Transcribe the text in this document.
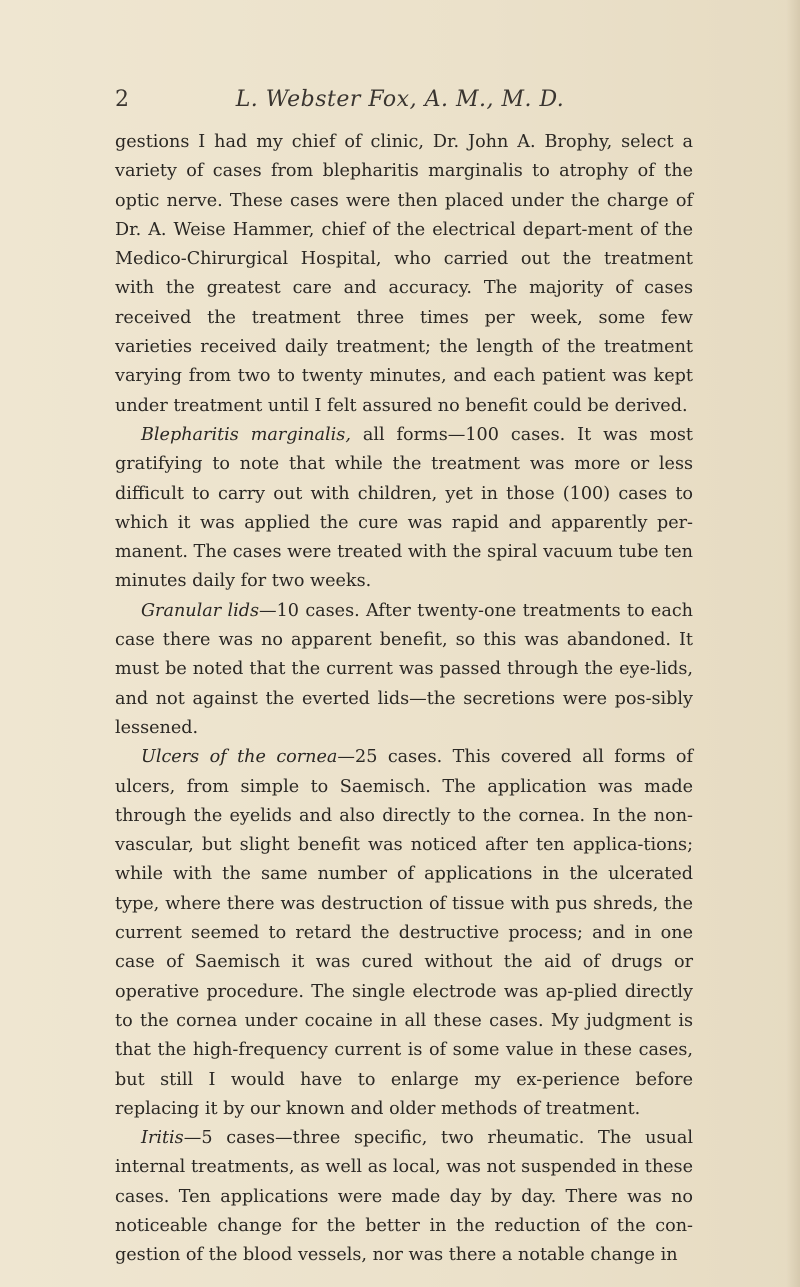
2	L. Webster Fox, A. M., M. D.

gestions I had my chief of clinic, Dr. John A. Brophy, select a variety of cases from blepharitis marginalis to atrophy of the optic nerve. These cases were then placed under the charge of Dr. A. Weise Hammer, chief of the electrical depart-ment of the Medico-Chirurgical Hospital, who carried out the treatment with the greatest care and accuracy. The majority of cases received the treatment three times per week, some few varieties received daily treatment; the length of the treatment varying from two to twenty minutes, and each patient was kept under treatment until I felt assured no benefit could be derived.

Blepharitis marginalis, all forms—100 cases. It was most gratifying to note that while the treatment was more or less difficult to carry out with children, yet in those (100) cases to which it was applied the cure was rapid and apparently per-manent. The cases were treated with the spiral vacuum tube ten minutes daily for two weeks.

Granular lids—10 cases. After twenty-one treatments to each case there was no apparent benefit, so this was abandoned. It must be noted that the current was passed through the eye-lids, and not against the everted lids—the secretions were pos-sibly lessened.

Ulcers of the cornea—25 cases. This covered all forms of ulcers, from simple to Saemisch. The application was made through the eyelids and also directly to the cornea. In the non-vascular, but slight benefit was noticed after ten applica-tions; while with the same number of applications in the ulcerated type, where there was destruction of tissue with pus shreds, the current seemed to retard the destructive process; and in one case of Saemisch it was cured without the aid of drugs or operative procedure. The single electrode was ap-plied directly to the cornea under cocaine in all these cases. My judgment is that the high-frequency current is of some value in these cases, but still I would have to enlarge my ex-perience before replacing it by our known and older methods of treatment.

Iritis—5 cases—three specific, two rheumatic. The usual internal treatments, as well as local, was not suspended in these cases. Ten applications were made day by day. There was no noticeable change for the better in the reduction of the con-gestion of the blood vessels, nor was there a notable change in
